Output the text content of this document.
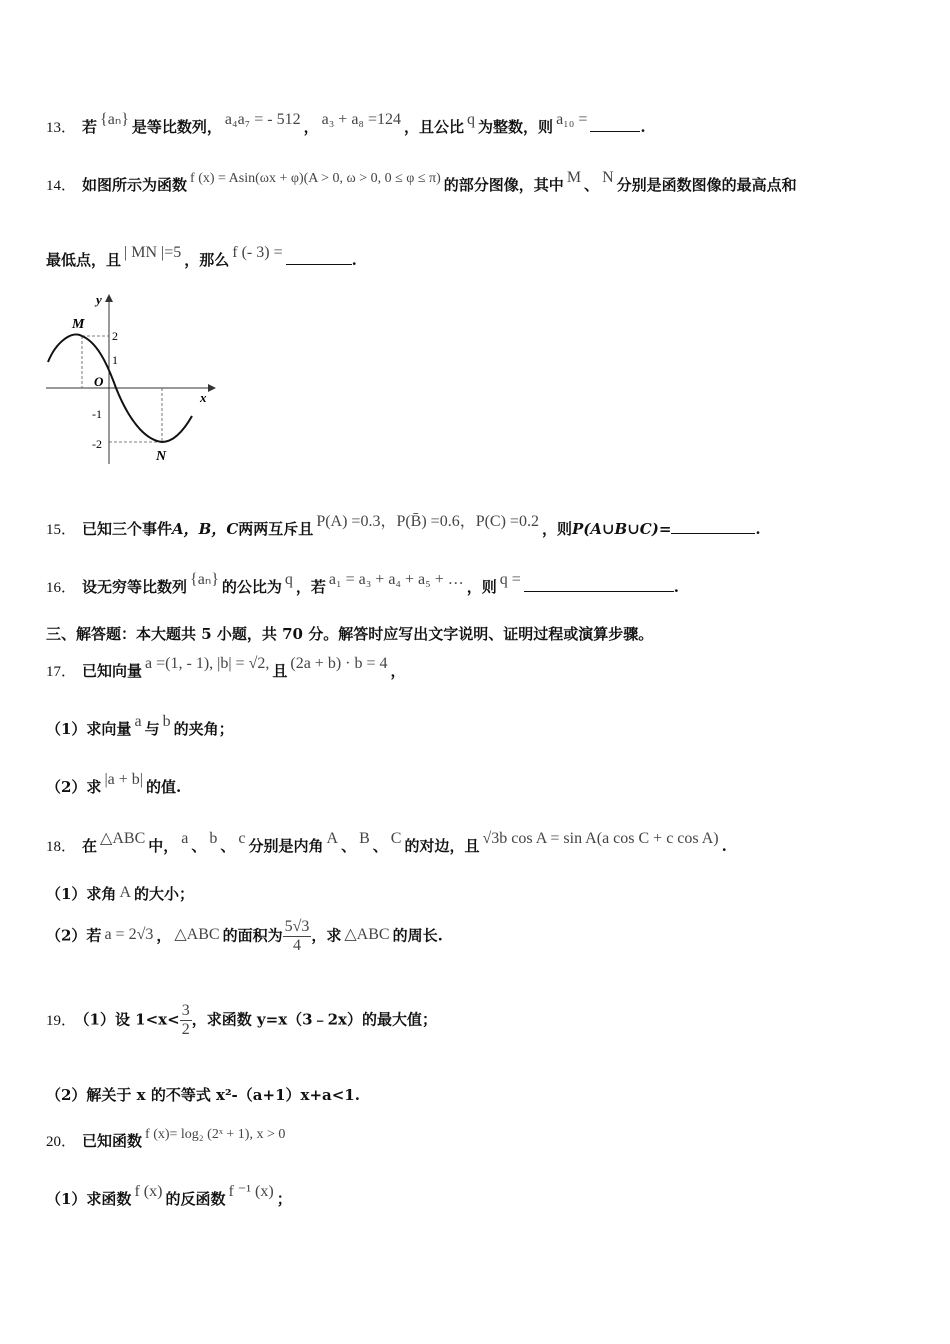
13． 若 {aₙ} 是等比数列， a₄a₇ = - 512 ， a₃ + a₈ =124 ，且公比 q 为整数，则 a₁₀ =	.
14． 如图所示为函数 f (x) = Asin(ωx + φ)(A > 0, ω > 0, 0 ≤ φ ≤ π) 的部分图像，其中 M 、 N 分别是函数图像的最高点和
最低点，且 | MN |=5 ，那么 f (- 3) =	.
y
x
O
M
N
2
1
-1
-2
15． 已知三个事件A，B，C两两互斥且 P(A) =0.3，P(B̄) =0.6，P(C) =0.2 ，则P(A∪B∪C)=	.
16． 设无穷等比数列 {aₙ} 的公比为 q ，若 a₁ = a₃ + a₄ + a₅ + … ，则 q =	.
三、解答题：本大题共 5 小题，共 70 分。解答时应写出文字说明、证明过程或演算步骤。
17． 已知向量 a =(1, - 1), |b| = √2, 且 (2a + b) · b = 4 ，
（1）求向量 a 与 b 的夹角；
（2）求 |a + b| 的值.
18． 在 △ABC 中， a 、 b 、 c 分别是内角 A 、 B 、 C 的对边，且 √3b cos A = sin A(a cos C + c cos A) .
（1）求角 A 的大小；
（2）若 a = 2√3 ， △ABC 的面积为 $\frac{5√3}{4}$ ，求 △ABC 的周长.
19． （1）设 $1<x< \frac{3}{2}$ ，求函数 y=x（3﹣2x）的最大值；
（2）解关于 x 的不等式 x²-（a+1）x+a<1.
20． 已知函数 f (x)= log₂ (2ˣ + 1), x > 0
（1）求函数 f (x) 的反函数 f ⁻¹ (x) ；
